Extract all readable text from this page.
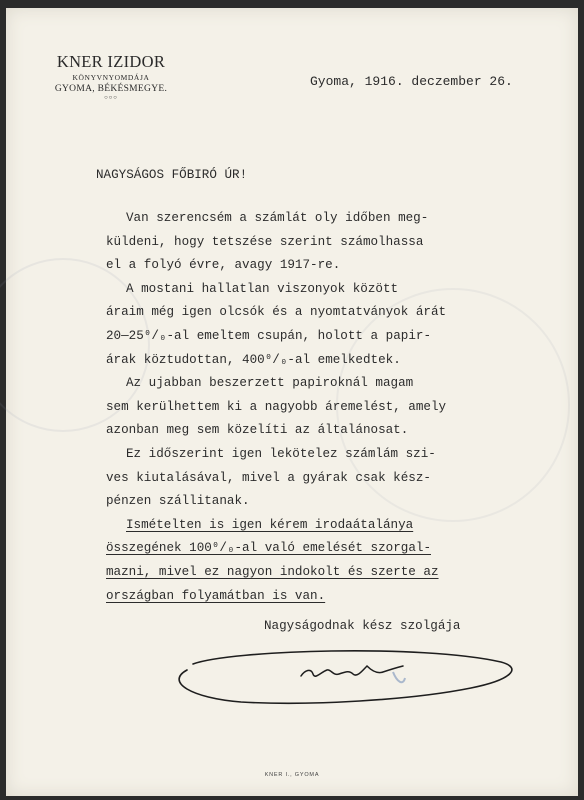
KNER IZIDOR
KÖNYVNYOMDÁJA
GYOMA, BÉKÉSMEGYE.
○○○
Gyoma, 1916. deczember 26.
NAGYSÁGOS FŐBIRÓ ÚR!
Van szerencsém a számlát oly időben meg-
küldeni, hogy tetszése szerint számolhassa
el a folyó évre, avagy 1917-re.
A mostani hallatlan viszonyok között
áraim még igen olcsók és a nyomtatványok árát
20—25⁰/₀-al emeltem csupán, holott a papir-
árak köztudottan, 400⁰/₀-al emelkedtek.
Az ujabban beszerzett papiroknál magam
sem kerülhettem ki a nagyobb áremelést, amely
azonban meg sem közelíti az általánosat.
Ez időszerint igen lekötelez számlám szi-
ves kiutalásával, mivel a gyárak csak kész-
pénzen szállitanak.
Ismételten is igen kérem irodaátalánya
összegének 100⁰/₀-al való emelését szorgal-
mazni, mivel ez nagyon indokolt és szerte az
országban folyamátban is van.
Nagyságodnak kész szolgája
KNER I., GYOMA
